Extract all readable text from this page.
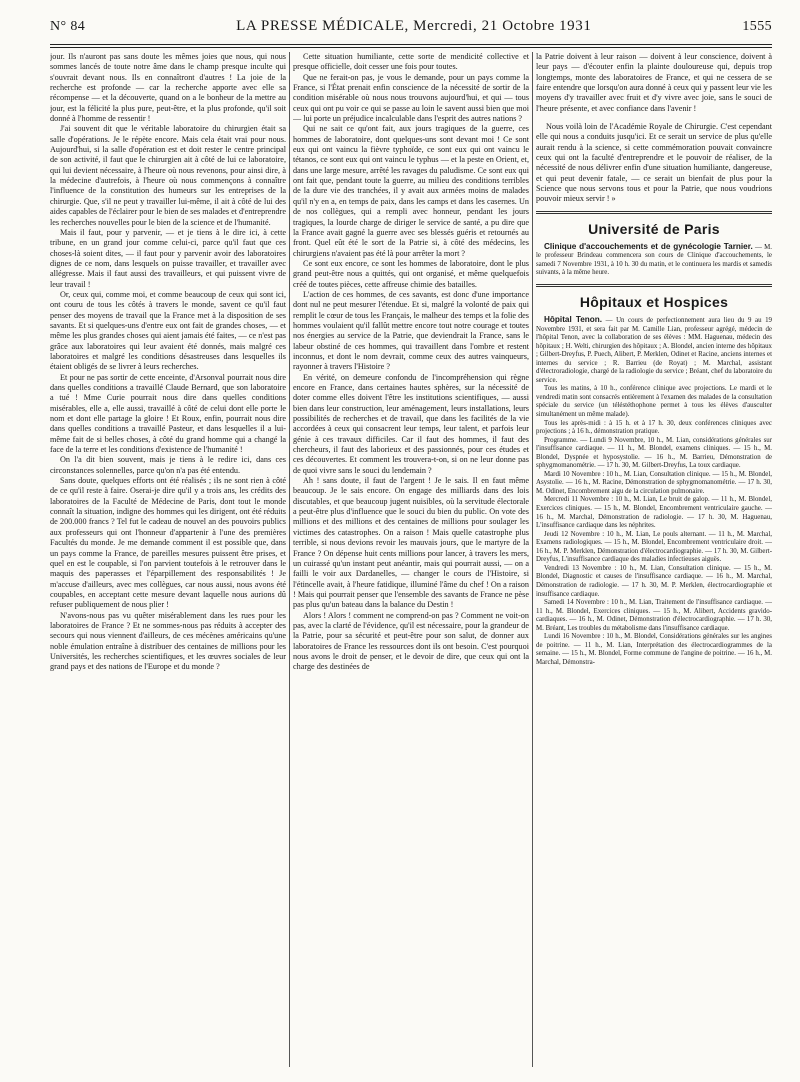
N° 84	LA PRESSE MÉDICALE, Mercredi, 21 Octobre 1931	1555

jour. Ils n'auront pas sans doute les mêmes joies que nous, qui nous sommes lancés de toute notre âme dans le champ presque inculte qui s'ouvrait devant nous. Ils en connaîtront d'autres ! La joie de la recherche est profonde — car la recherche apporte avec elle sa récompense — et la découverte, quand on a le bonheur de la mettre au jour, est la félicité la plus pure, peut-être, et la plus profonde, qu'il soit donné à l'homme de ressentir !

J'ai souvent dit que le véritable laboratoire du chirurgien était sa salle d'opérations. Je le répète encore. Mais cela était vrai pour nous. Aujourd'hui, si la salle d'opération est et doit rester le centre principal de son activité, il faut que le chirurgien ait à côté de lui ce laboratoire, qui lui devient nécessaire, à l'heure où nous revenons, pour ainsi dire, à la médecine d'autrefois, à l'heure où nous commençons à connaître l'influence de la constitution des humeurs sur les entreprises de la chirurgie. Que, s'il ne peut y travailler lui-même, il ait à côté de lui des aides capables de l'éclairer pour le bien de ses malades et d'entreprendre les recherches nouvelles pour le bien de la science et de l'humanité.

Mais il faut, pour y parvenir, — et je tiens à le dire ici, à cette tribune, en un grand jour comme celui-ci, parce qu'il faut que ces choses-là soient dites, — il faut pour y parvenir avoir des laboratoires dignes de ce nom, dans lesquels on puisse travailler, et travailler avec allégresse. Mais il faut aussi des travailleurs, et qui puissent vivre de leur travail !

Or, ceux qui, comme moi, et comme beaucoup de ceux qui sont ici, ont couru de tous les côtés à travers le monde, savent ce qu'il faut penser des moyens de travail que la France met à la disposition de ses savants. Et si quelques-uns d'entre eux ont fait de grandes choses, — et même les plus grandes choses qui aient jamais été faites, — ce n'est pas grâce aux laboratoires qui leur avaient été donnés, mais malgré ces laboratoires et malgré les conditions désastreuses dans lesquelles ils étaient obligés de se livrer à leurs recherches.

Et pour ne pas sortir de cette enceinte, d'Arsonval pourrait nous dire dans quelles conditions a travaillé Claude Bernard, que son laboratoire a tué ! Mme Curie pourrait nous dire dans quelles conditions misérables, elle a, elle aussi, travaillé à côté de celui dont elle porte le nom et dont elle partage la gloire ! Et Roux, enfin, pourrait nous dire dans quelles conditions a travaillé Pasteur, et dans lesquelles il a lui-même fait de si belles choses, à côté du grand homme qui a changé la face de la terre et les conditions d'existence de l'humanité !

On l'a dit bien souvent, mais je tiens à le redire ici, dans ces circonstances solennelles, parce qu'on n'a pas été entendu.

Sans doute, quelques efforts ont été réalisés ; ils ne sont rien à côté de ce qu'il reste à faire. Oserai-je dire qu'il y a trois ans, les crédits des laboratoires de la Faculté de Médecine de Paris, dont tout le monde connaît la situation, indigne des hommes qui les dirigent, ont été réduits de 200.000 francs ? Tel fut le cadeau de nouvel an des pouvoirs publics aux professeurs qui ont l'honneur d'appartenir à l'une des premières Facultés du monde. Je me demande comment il est possible que, dans un pays comme la France, de pareilles mesures puissent être prises, et quel en est le coupable, si l'on parvient toutefois à le retrouver dans le maquis des paperasses et l'éparpillement des responsabilités ! Je m'accuse d'ailleurs, avec mes collègues, car nous aussi, nous avons été coupables, en acceptant cette mesure devant laquelle nous aurions dû refuser publiquement de nous plier !

N'avons-nous pas vu quêter misérablement dans les rues pour les laboratoires de France ? Et ne sommes-nous pas réduits à accepter des secours qui nous viennent d'ailleurs, de ces mécènes américains qu'une noble émulation entraîne à distribuer des centaines de millions pour les Universités, les recherches scientifiques, et les œuvres sociales de leur grand pays et des nations de l'Europe et du monde ?

Cette situation humiliante, cette sorte de mendicité collective et presque officielle, doit cesser une fois pour toutes.

Que ne ferait-on pas, je vous le demande, pour un pays comme la France, si l'État prenait enfin conscience de la nécessité de sortir de la condition misérable où nous nous trouvons aujourd'hui, et qui — tous ceux qui ont pu voir ce qui se passe au loin le savent aussi bien que moi — lui porte un préjudice incalculable dans l'esprit des autres nations ?

Qui ne sait ce qu'ont fait, aux jours tragiques de la guerre, ces hommes de laboratoire, dont quelques-uns sont devant moi ! Ce sont eux qui ont vaincu la fièvre typhoïde, ce sont eux qui ont vaincu le tétanos, ce sont eux qui ont vaincu le typhus — et la peste en Orient, et, dans une large mesure, arrêté les ravages du paludisme. Ce sont eux qui ont fait que, pendant toute la guerre, au milieu des conditions terribles de la dure vie des tranchées, il y avait aux armées moins de malades qu'il n'y en a, en temps de paix, dans les camps et dans les casernes. Un de nos collègues, qui a rempli avec honneur, pendant les jours tragiques, la lourde charge de diriger le service de santé, a pu dire que la France avait gagné la guerre avec ses blessés guéris et retournés au front. Quel eût été le sort de la Patrie si, à côté des médecins, les chirurgiens n'avaient pas été là pour arrêter la mort ?

Ce sont eux encore, ce sont les hommes de laboratoire, dont le plus grand peut-être nous a quittés, qui ont organisé, et même quelquefois créé de toutes pièces, cette affreuse chimie des batailles.

L'action de ces hommes, de ces savants, est donc d'une importance dont nul ne peut mesurer l'étendue. Et si, malgré la volonté de paix qui remplit le cœur de tous les Français, le malheur des temps et la folie des hommes voulaient qu'il fallût mettre encore tout notre courage et toutes nos énergies au service de la Patrie, que deviendrait la France, sans le labeur obstiné de ces hommes, qui travaillent dans l'ombre et restent inconnus, et dont le nom devrait, comme ceux des autres vainqueurs, rayonner à travers l'Histoire ?

En vérité, on demeure confondu de l'incompréhension qui règne encore en France, dans certaines hautes sphères, sur la nécessité de doter comme elles doivent l'être les institutions scientifiques, — aussi bien dans leur construction, leur aménagement, leurs installations, leurs possibilités de recherches et de travail, que dans les facilités de la vie accordées à ceux qui consacrent leur temps, leur talent, et parfois leur génie à ces travaux difficiles. Car il faut des hommes, il faut des chercheurs, il faut des laborieux et des passionnés, pour ces études et ces découvertes. Et comment les trouvera-t-on, si on ne leur donne pas de quoi vivre sans le souci du lendemain ?

Ah ! sans doute, il faut de l'argent ! Je le sais. Il en faut même beaucoup. Je le sais encore. On engage des milliards dans des lois discutables, et que beaucoup jugent nuisibles, où la servitude électorale a peut-être plus d'influence que le souci du bien du public. On vote des millions et des millions et des centaines de millions pour soulager les victimes des catastrophes. On a raison ! Mais quelle catastrophe plus terrible, si nous devions revoir les mauvais jours, que le martyre de la France ? On dépense huit cents millions pour lancer, à travers les mers, un cuirassé qu'un instant peut anéantir, mais qui pourrait aussi, — on a failli le voir aux Dardanelles, — changer le cours de l'Histoire, si l'étincelle avait, à l'heure fatidique, illuminé l'âme du chef ! On a raison ! Mais qui pourrait penser que l'ensemble des savants de France ne pèse pas plus qu'un bateau dans la balance du Destin !

Alors ! Alors ! comment ne comprend-on pas ? Comment ne voit-on pas, avec la clarté de l'évidence, qu'il est nécessaire, pour la grandeur de la Patrie, pour sa sécurité et peut-être pour son salut, de donner aux laboratoires de France les ressources dont ils ont besoin. C'est pourquoi nous avons le droit de penser, et le devoir de dire, que ceux qui ont la charge des destinées de

la Patrie doivent à leur raison — doivent à leur conscience, doivent à leur pays — d'écouter enfin la plainte douloureuse qui, depuis trop longtemps, monte des laboratoires de France, et qui ne cessera de se faire entendre que lorsqu'on aura donné à ceux qui y passent leur vie les moyens d'y travailler avec fruit et d'y vivre avec joie, sans le souci de l'heure présente, et avec confiance dans l'avenir !

Nous voilà loin de l'Académie Royale de Chirurgie. C'est cependant elle qui nous a conduits jusqu'ici. Et ce serait un service de plus qu'elle aurait rendu à la science, si cette commémoration pouvait convaincre ceux qui ont la faculté d'entreprendre et le pouvoir de réaliser, de la nécessité de nous délivrer enfin d'une situation humiliante, dangereuse, et qui peut devenir fatale, — ce serait un bienfait de plus pour la Science que nous servons tous et pour la Patrie, que nous voudrions pouvoir mieux servir ! »

Université de Paris

Clinique d'accouchements et de gynécologie Tarnier. — M. le professeur Brindeau commencera son cours de Clinique d'accouchements, le samedi 7 Novembre 1931, à 10 h. 30 du matin, et le continuera les mardis et samedis suivants, à la même heure.

Hôpitaux et Hospices

Hôpital Tenon. — Un cours de perfectionnement aura lieu du 9 au 19 Novembre 1931, et sera fait par M. Camille Lian, professeur agrégé, médecin de l'hôpital Tenon, avec la collaboration de ses élèves : MM. Haguenau, médecin des hôpitaux ; H. Welti, chirurgien des hôpitaux ; A. Blondel, ancien interne des hôpitaux ; Gilbert-Dreyfus, P. Puech, Alibert, P. Merklen, Odinet et Racine, anciens internes et internes du service ; R. Barrieu (de Royat) ; M. Marchal, assistant d'électroradiologie, chargé de la radiologie du service ; Bréant, chef du laboratoire du service.

Tous les matins, à 10 h., conférence clinique avec projections. Le mardi et le vendredi matin sont consacrés entièrement à l'examen des malades de la consultation spéciale du service (un téléstéthophone permet à tous les élèves d'ausculter simultanément un même malade).

Tous les après-midi : à 15 h. et à 17 h. 30, deux conférences cliniques avec projections ; à 16 h., démonstration pratique.

Programme. — Lundi 9 Novembre, 10 h., M. Lian, considérations générales sur l'insuffisance cardiaque. — 11 h., M. Blondel, examens cliniques. — 15 h., M. Blondel, Dyspnée et hyposystolie. — 16 h., M. Barrieu, Démonstration de sphygmomanométrie. — 17 h. 30, M. Gilbert-Dreyfus, La toux cardiaque.

Mardi 10 Novembre : 10 h., M. Lian, Consultation clinique. — 15 h., M. Blondel, Asystolie. — 16 h., M. Racine, Démonstration de sphygmomanométrie. — 17 h. 30, M. Odinet, Encombrement aigu de la circulation pulmonaire.

Mercredi 11 Novembre : 10 h., M. Lian, Le bruit de galop. — 11 h., M. Blondel, Exercices cliniques. — 15 h., M. Blondel, Encombrement ventriculaire gauche. — 16 h., M. Marchal, Démonstration de radiologie. — 17 h. 30, M. Haguenau, L'insuffisance cardiaque dans les néphrites.

Jeudi 12 Novembre : 10 h., M. Lian, Le pouls alternant. — 11 h., M. Marchal, Examens radiologiques. — 15 h., M. Blondel, Encombrement ventriculaire droit. — 16 h., M. P. Merklen, Démonstration d'électrocardiographie. — 17 h. 30, M. Gilbert-Dreyfus, L'insuffisance cardiaque des maladies infectieuses aiguës.

Vendredi 13 Novembre : 10 h., M. Lian, Consultation clinique. — 15 h., M. Blondel, Diagnostic et causes de l'insuffisance cardiaque. — 16 h., M. Marchal, Démonstration de radiologie. — 17 h. 30, M. P. Merklen, électrocardiographie et insuffisance cardiaque.

Samedi 14 Novembre : 10 h., M. Lian, Traitement de l'insuffisance cardiaque. — 11 h., M. Blondel, Exercices cliniques. — 15 h., M. Alibert, Accidents gravido-cardiaques. — 16 h., M. Odinet, Démonstration d'électrocardiographie. — 17 h. 30, M. Bréant, Les troubles du métabolisme dans l'insuffisance cardiaque.

Lundi 16 Novembre : 10 h., M. Blondel, Considérations générales sur les angines de poitrine. — 11 h., M. Lian, Interprétation des électrocardiogrammes de la semaine. — 15 h., M. Blondel, Forme commune de l'angine de poitrine. — 16 h., M. Marchal, Démonstra-
